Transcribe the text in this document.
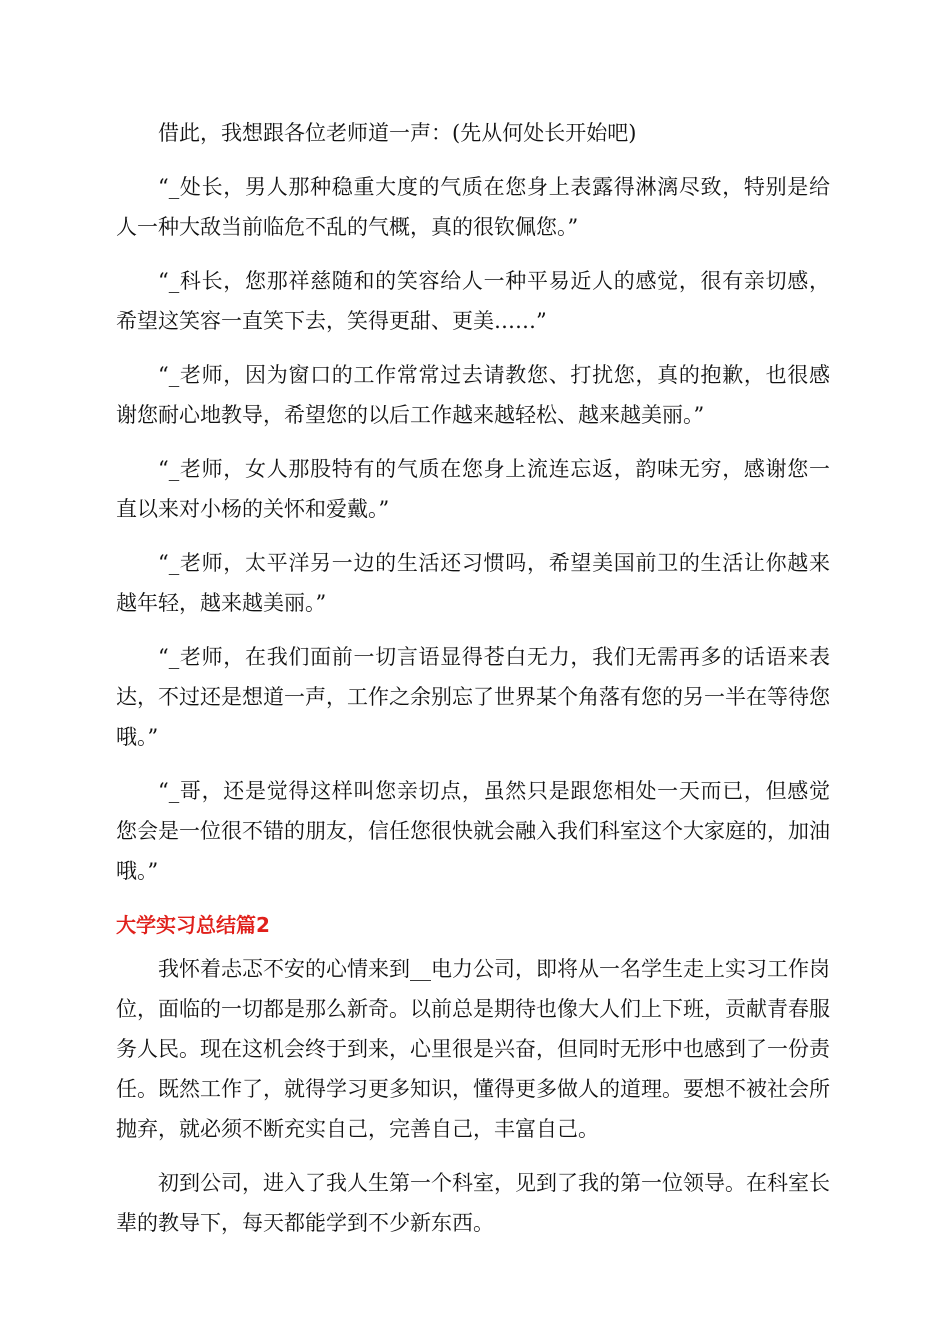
借此，我想跟各位老师道一声：(先从何处长开始吧)

“_处长，男人那种稳重大度的气质在您身上表露得淋漓尽致，特别是给人一种大敌当前临危不乱的气概，真的很钦佩您。”

“_科长，您那祥慈随和的笑容给人一种平易近人的感觉，很有亲切感，希望这笑容一直笑下去，笑得更甜、更美……”

“_老师，因为窗口的工作常常过去请教您、打扰您，真的抱歉，也很感谢您耐心地教导，希望您的以后工作越来越轻松、越来越美丽。”

“_老师，女人那股特有的气质在您身上流连忘返，韵味无穷，感谢您一直以来对小杨的关怀和爱戴。”

“_老师，太平洋另一边的生活还习惯吗，希望美国前卫的生活让你越来越年轻，越来越美丽。”

“_老师，在我们面前一切言语显得苍白无力，我们无需再多的话语来表达，不过还是想道一声，工作之余别忘了世界某个角落有您的另一半在等待您哦。”

“_哥，还是觉得这样叫您亲切点，虽然只是跟您相处一天而已，但感觉您会是一位很不错的朋友，信任您很快就会融入我们科室这个大家庭的，加油哦。”

大学实习总结篇2

我怀着忐忑不安的心情来到__电力公司，即将从一名学生走上实习工作岗位，面临的一切都是那么新奇。以前总是期待也像大人们上下班，贡献青春服务人民。现在这机会终于到来，心里很是兴奋，但同时无形中也感到了一份责任。既然工作了，就得学习更多知识，懂得更多做人的道理。要想不被社会所抛弃，就必须不断充实自己，完善自己，丰富自己。

初到公司，进入了我人生第一个科室，见到了我的第一位领导。在科室长辈的教导下，每天都能学到不少新东西。
